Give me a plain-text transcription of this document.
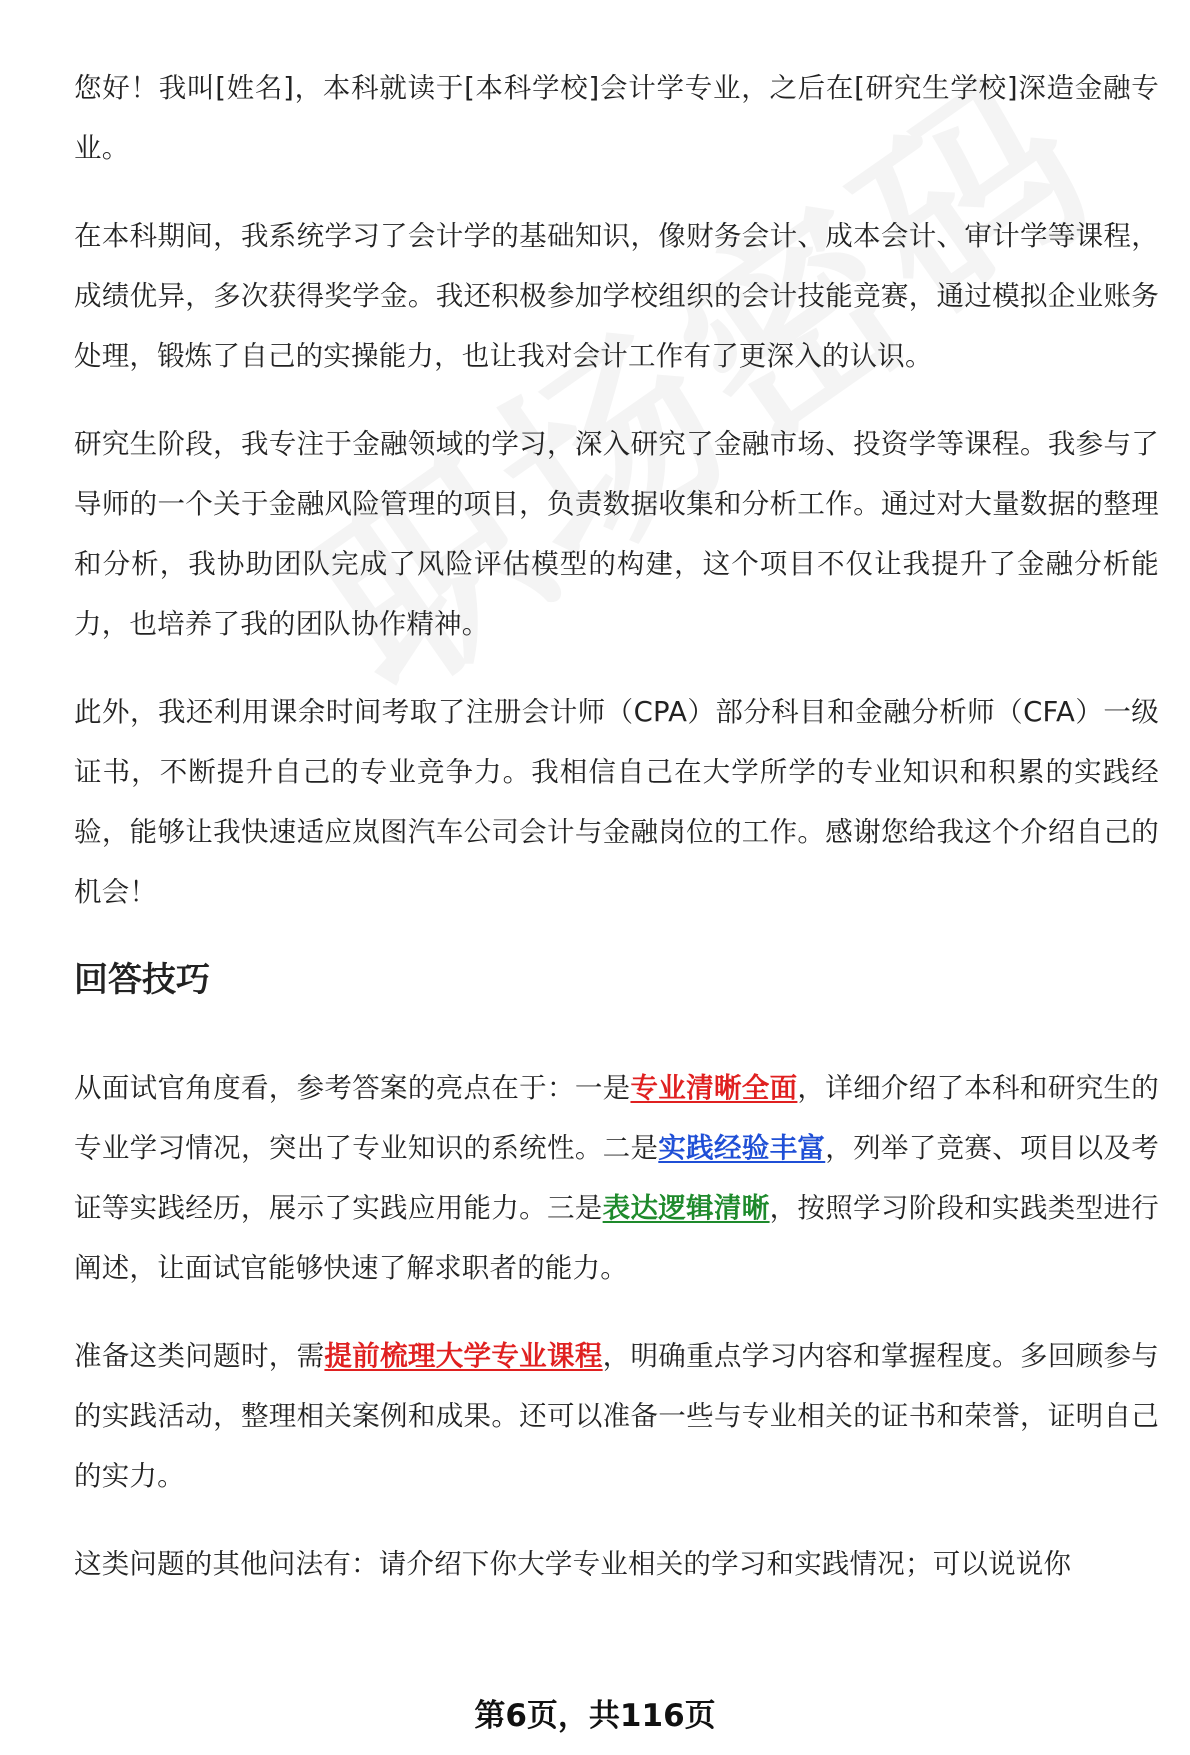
您好！我叫[姓名]，本科就读于[本科学校]会计学专业，之后在[研究生学校]深造金融专业。

在本科期间，我系统学习了会计学的基础知识，像财务会计、成本会计、审计学等课程，成绩优异，多次获得奖学金。我还积极参加学校组织的会计技能竞赛，通过模拟企业账务处理，锻炼了自己的实操能力，也让我对会计工作有了更深入的认识。

研究生阶段，我专注于金融领域的学习，深入研究了金融市场、投资学等课程。我参与了导师的一个关于金融风险管理的项目，负责数据收集和分析工作。通过对大量数据的整理和分析，我协助团队完成了风险评估模型的构建，这个项目不仅让我提升了金融分析能力，也培养了我的团队协作精神。

此外，我还利用课余时间考取了注册会计师（CPA）部分科目和金融分析师（CFA）一级证书，不断提升自己的专业竞争力。我相信自己在大学所学的专业知识和积累的实践经验，能够让我快速适应岚图汽车公司会计与金融岗位的工作。感谢您给我这个介绍自己的机会！

回答技巧

从面试官角度看，参考答案的亮点在于：一是专业清晰全面，详细介绍了本科和研究生的专业学习情况，突出了专业知识的系统性。二是实践经验丰富，列举了竞赛、项目以及考证等实践经历，展示了实践应用能力。三是表达逻辑清晰，按照学习阶段和实践类型进行阐述，让面试官能够快速了解求职者的能力。

准备这类问题时，需提前梳理大学专业课程，明确重点学习内容和掌握程度。多回顾参与的实践活动，整理相关案例和成果。还可以准备一些与专业相关的证书和荣誉，证明自己的实力。

这类问题的其他问法有：请介绍下你大学专业相关的学习和实践情况；可以说说你

第6页，共116页
